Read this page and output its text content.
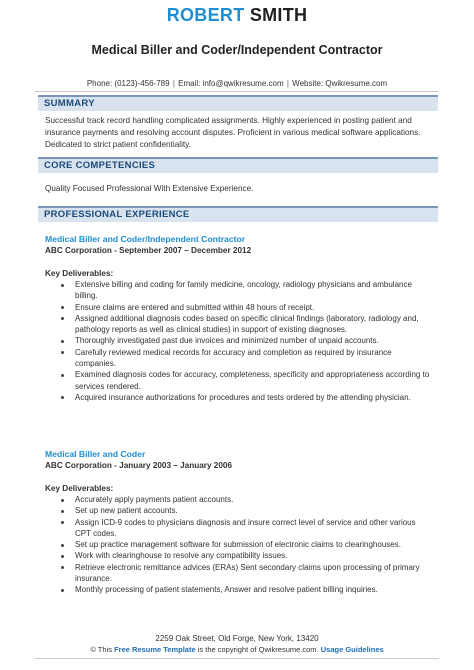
ROBERT SMITH
Medical Biller and Coder/Independent Contractor
Phone: (0123)-456-789 | Email: info@qwikresume.com | Website: Qwikresume.com
SUMMARY
Successful track record handling complicated assignments. Highly experienced in posting patient and insurance payments and resolving account disputes. Proficient in various medical software applications. Dedicated to strict patient confidentiality.
CORE COMPETENCIES
Quality Focused Professional With Extensive Experience.
PROFESSIONAL EXPERIENCE
Medical Biller and Coder/Independent Contractor
ABC Corporation - September 2007 – December 2012
Key Deliverables:
Extensive billing and coding for family medicine, oncology, radiology physicians and ambulance billing.
Ensure claims are entered and submitted within 48 hours of receipt.
Assigned additional diagnosis codes based on specific clinical findings (laboratory, radiology and, pathology reports as well as clinical studies) in support of existing diagnoses.
Thoroughly investigated past due invoices and minimized number of unpaid accounts.
Carefully reviewed medical records for accuracy and completion as required by insurance companies.
Examined diagnosis codes for accuracy, completeness, specificity and appropriateness according to services rendered.
Acquired insurance authorizations for procedures and tests ordered by the attending physician.
Medical Biller and Coder
ABC Corporation - January 2003 – January 2006
Key Deliverables:
Accurately apply payments patient accounts.
Set up new patient accounts.
Assign ICD-9 codes to physicians diagnosis and insure correct level of service and other various CPT codes.
Set up practice management software for submission of electronic claims to clearinghouses.
Work with clearinghouse to resolve any compatibility issues.
Retrieve electronic remittance advices (ERAs) Sent secondary claims upon processing of primary insurance.
Monthly processing of patient statements, Answer and resolve patient billing inquiries.
2259 Oak Street, Old Forge, New York, 13420
© This Free Resume Template is the copyright of Qwikresume.com. Usage Guidelines
